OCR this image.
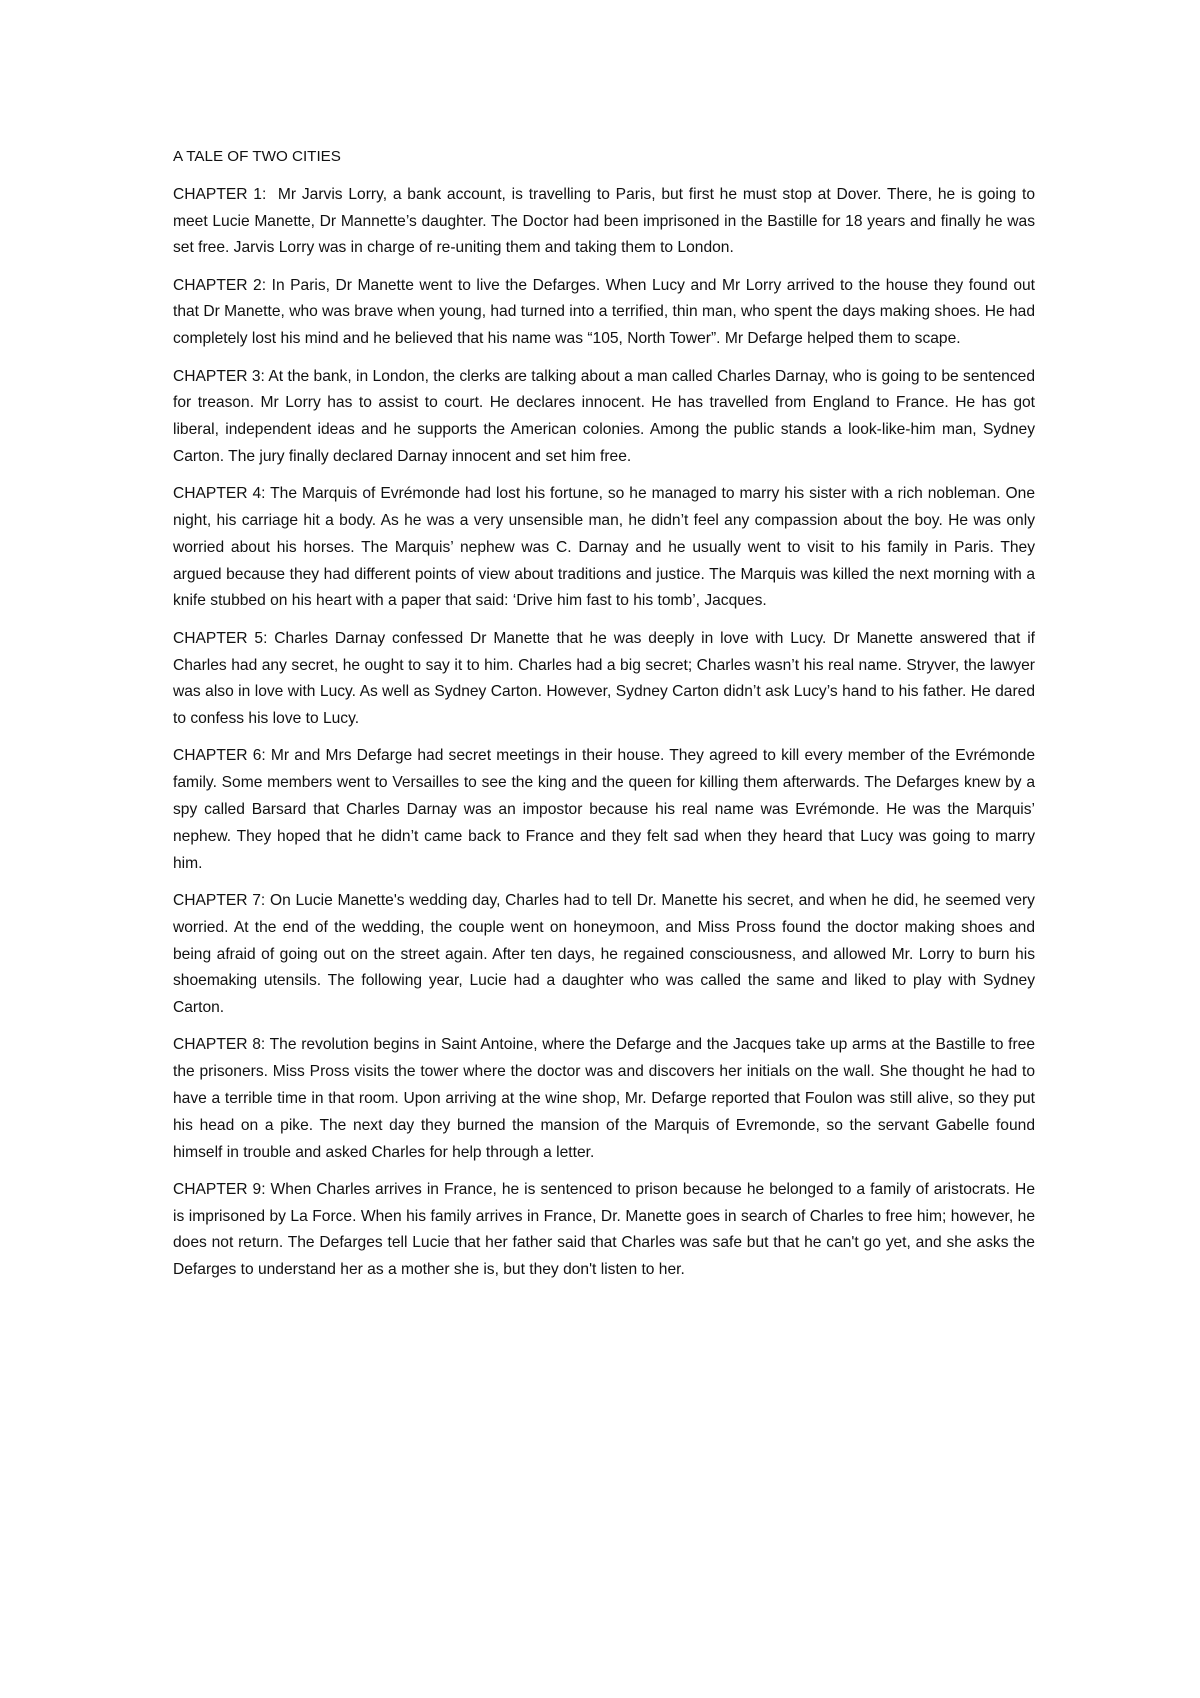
A TALE OF TWO CITIES

CHAPTER 1: Mr Jarvis Lorry, a bank account, is travelling to Paris, but first he must stop at Dover. There, he is going to meet Lucie Manette, Dr Mannette’s daughter. The Doctor had been imprisoned in the Bastille for 18 years and finally he was set free. Jarvis Lorry was in charge of re-uniting them and taking them to London.

CHAPTER 2: In Paris, Dr Manette went to live the Defarges. When Lucy and Mr Lorry arrived to the house they found out that Dr Manette, who was brave when young, had turned into a terrified, thin man, who spent the days making shoes. He had completely lost his mind and he believed that his name was “105, North Tower”. Mr Defarge helped them to scape.

CHAPTER 3: At the bank, in London, the clerks are talking about a man called Charles Darnay, who is going to be sentenced for treason. Mr Lorry has to assist to court. He declares innocent. He has travelled from England to France. He has got liberal, independent ideas and he supports the American colonies. Among the public stands a look-like-him man, Sydney Carton. The jury finally declared Darnay innocent and set him free.

CHAPTER 4: The Marquis of Evrémonde had lost his fortune, so he managed to marry his sister with a rich nobleman. One night, his carriage hit a body. As he was a very unsensible man, he didn’t feel any compassion about the boy. He was only worried about his horses. The Marquis’ nephew was C. Darnay and he usually went to visit to his family in Paris. They argued because they had different points of view about traditions and justice. The Marquis was killed the next morning with a knife stubbed on his heart with a paper that said: ‘Drive him fast to his tomb’, Jacques.

CHAPTER 5: Charles Darnay confessed Dr Manette that he was deeply in love with Lucy. Dr Manette answered that if Charles had any secret, he ought to say it to him. Charles had a big secret; Charles wasn’t his real name. Stryver, the lawyer was also in love with Lucy. As well as Sydney Carton. However, Sydney Carton didn’t ask Lucy’s hand to his father. He dared to confess his love to Lucy.

CHAPTER 6: Mr and Mrs Defarge had secret meetings in their house. They agreed to kill every member of the Evrémonde family. Some members went to Versailles to see the king and the queen for killing them afterwards. The Defarges knew by a spy called Barsard that Charles Darnay was an impostor because his real name was Evrémonde. He was the Marquis’ nephew. They hoped that he didn’t came back to France and they felt sad when they heard that Lucy was going to marry him.

CHAPTER 7: On Lucie Manette's wedding day, Charles had to tell Dr. Manette his secret, and when he did, he seemed very worried. At the end of the wedding, the couple went on honeymoon, and Miss Pross found the doctor making shoes and being afraid of going out on the street again. After ten days, he regained consciousness, and allowed Mr. Lorry to burn his shoemaking utensils. The following year, Lucie had a daughter who was called the same and liked to play with Sydney Carton.

CHAPTER 8: The revolution begins in Saint Antoine, where the Defarge and the Jacques take up arms at the Bastille to free the prisoners. Miss Pross visits the tower where the doctor was and discovers her initials on the wall. She thought he had to have a terrible time in that room. Upon arriving at the wine shop, Mr. Defarge reported that Foulon was still alive, so they put his head on a pike. The next day they burned the mansion of the Marquis of Evremonde, so the servant Gabelle found himself in trouble and asked Charles for help through a letter.

CHAPTER 9: When Charles arrives in France, he is sentenced to prison because he belonged to a family of aristocrats. He is imprisoned by La Force. When his family arrives in France, Dr. Manette goes in search of Charles to free him; however, he does not return. The Defarges tell Lucie that her father said that Charles was safe but that he can't go yet, and she asks the Defarges to understand her as a mother she is, but they don't listen to her.
